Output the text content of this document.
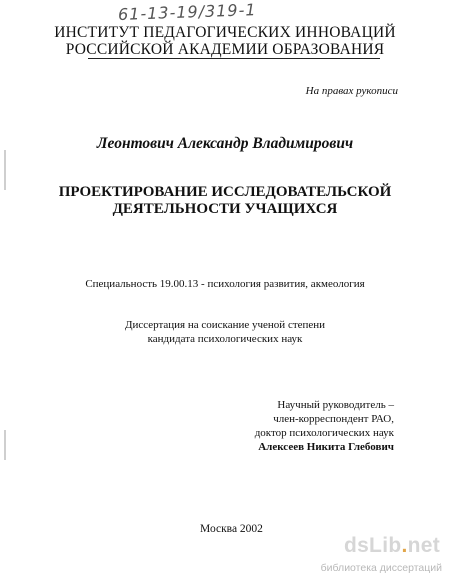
61-13-19/319-1
ИНСТИТУТ ПЕДАГОГИЧЕСКИХ ИННОВАЦИЙ
РОССИЙСКОЙ АКАДЕМИИ ОБРАЗОВАНИЯ
На правах рукописи
Леонтович Александр Владимирович
ПРОЕКТИРОВАНИЕ ИССЛЕДОВАТЕЛЬСКОЙ
ДЕЯТЕЛЬНОСТИ УЧАЩИХСЯ
Специальность 19.00.13 - психология развития, акмеология
Диссертация на соискание ученой степени
кандидата психологических наук
Научный руководитель –
член-корреспондент РАО,
доктор психологических наук
Алексеев Никита Глебович
Москва 2002
dsLib.net
библиотека диссертаций
